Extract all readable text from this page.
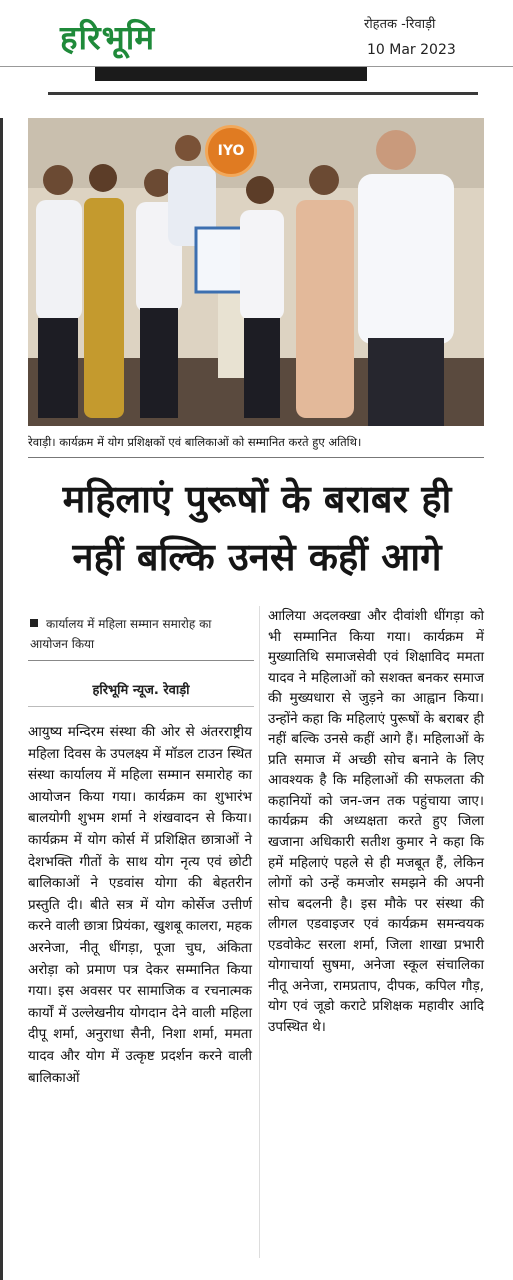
हरिभूमि	रोहतक -रिवाड़ी
10 Mar 2023
IYO
रेवाड़ी। कार्यक्रम में योग प्रशिक्षकों एवं बालिकाओं को सम्मानित करते हुए अतिथि।
महिलाएं पुरूषों के बराबर ही
नहीं बल्कि उनसे कहीं आगे
कार्यालय में महिला सम्मान समारोह का आयोजन किया
हरिभूमि न्यूज. रेवाड़ी
आयुष्य मन्दिरम संस्था की ओर से अंतरराष्ट्रीय महिला दिवस के उपलक्ष्य में मॉडल टाउन स्थित संस्था कार्यालय में महिला सम्मान समारोह का आयोजन किया गया। कार्यक्रम का शुभारंभ बालयोगी शुभम शर्मा ने शंखवादन से किया। कार्यक्रम में योग कोर्स में प्रशिक्षित छात्राओं ने देशभक्ति गीतों के साथ योग नृत्य एवं छोटी बालिकाओं ने एडवांस योगा की बेहतरीन प्रस्तुति दी। बीते सत्र में योग कोर्सेज उत्तीर्ण करने वाली छात्रा प्रियंका, खुशबू कालरा, महक अरनेजा, नीतू धींगड़ा, पूजा चुघ, अंकिता अरोड़ा को प्रमाण पत्र देकर सम्मानित किया गया। इस अवसर पर सामाजिक व रचनात्मक कार्यों में उल्लेखनीय योगदान देने वाली महिला दीपू शर्मा, अनुराधा सैनी, निशा शर्मा, ममता यादव और योग में उत्कृष्ट प्रदर्शन करने वाली बालिकाओं
आलिया अदलक्खा और दीवांशी धींगड़ा को भी सम्मानित किया गया। कार्यक्रम में मुख्यातिथि समाजसेवी एवं शिक्षाविद ममता यादव ने महिलाओं को सशक्त बनकर समाज की मुख्यधारा से जुड़ने का आह्वान किया। उन्होंने कहा कि महिलाएं पुरूषों के बराबर ही नहीं बल्कि उनसे कहीं आगे हैं। महिलाओं के प्रति समाज में अच्छी सोच बनाने के लिए आवश्यक है कि महिलाओं की सफलता की कहानियों को जन-जन तक पहुंचाया जाए। कार्यक्रम की अध्यक्षता करते हुए जिला खजाना अधिकारी सतीश कुमार ने कहा कि हमें महिलाएं पहले से ही मजबूत हैं, लेकिन लोगों को उन्हें कमजोर समझने की अपनी सोच बदलनी है। इस मौके पर संस्था की लीगल एडवाइजर एवं कार्यक्रम समन्वयक एडवोकेट सरला शर्मा, जिला शाखा प्रभारी योगाचार्या सुषमा, अनेजा स्कूल संचालिका नीतू अनेजा, रामप्रताप, दीपक, कपिल गौड़, योग एवं जूडो कराटे प्रशिक्षक महावीर आदि उपस्थित थे।
